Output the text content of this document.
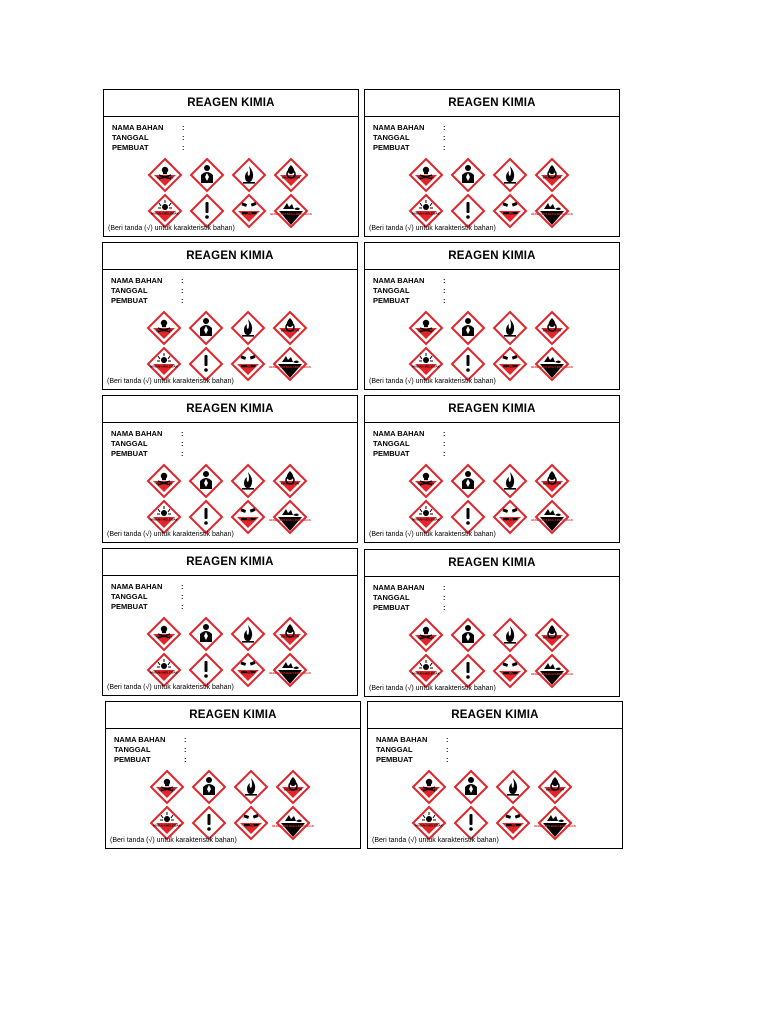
REAGEN KIMIA
NAMA BAHAN	:
TANGGAL	:
PEMBUAT	:
BERACUN	OKSIDATOR
MUDAH MELEDAK	KOROSIF	BERBAHAYA BAGI LINGKUNGAN
(Beri tanda (√) untuk karakteristik bahan)
REAGEN KIMIA
NAMA BAHAN	:
TANGGAL	:
PEMBUAT	:
BERACUN	OKSIDATOR
MUDAH MELEDAK	KOROSIF	BERBAHAYA BAGI LINGKUNGAN
(Beri tanda (√) untuk karakteristik bahan)
REAGEN KIMIA
NAMA BAHAN	:
TANGGAL	:
PEMBUAT	:
BERACUN	OKSIDATOR
MUDAH MELEDAK	KOROSIF	BERBAHAYA BAGI LINGKUNGAN
(Beri tanda (√) untuk karakteristik bahan)
REAGEN KIMIA
NAMA BAHAN	:
TANGGAL	:
PEMBUAT	:
BERACUN	OKSIDATOR
MUDAH MELEDAK	KOROSIF	BERBAHAYA BAGI LINGKUNGAN
(Beri tanda (√) untuk karakteristik bahan)
REAGEN KIMIA
NAMA BAHAN	:
TANGGAL	:
PEMBUAT	:
BERACUN	OKSIDATOR
MUDAH MELEDAK	KOROSIF	BERBAHAYA BAGI LINGKUNGAN
(Beri tanda (√) untuk karakteristik bahan)
REAGEN KIMIA
NAMA BAHAN	:
TANGGAL	:
PEMBUAT	:
BERACUN	OKSIDATOR
MUDAH MELEDAK	KOROSIF	BERBAHAYA BAGI LINGKUNGAN
(Beri tanda (√) untuk karakteristik bahan)
REAGEN KIMIA
NAMA BAHAN	:
TANGGAL	:
PEMBUAT	:
BERACUN	OKSIDATOR
MUDAH MELEDAK	KOROSIF	BERBAHAYA BAGI LINGKUNGAN
(Beri tanda (√) untuk karakteristik bahan)
REAGEN KIMIA
NAMA BAHAN	:
TANGGAL	:
PEMBUAT	:
BERACUN	OKSIDATOR
MUDAH MELEDAK	KOROSIF	BERBAHAYA BAGI LINGKUNGAN
(Beri tanda (√) untuk karakteristik bahan)
REAGEN KIMIA
NAMA BAHAN	:
TANGGAL	:
PEMBUAT	:
BERACUN	OKSIDATOR
MUDAH MELEDAK	KOROSIF	BERBAHAYA BAGI LINGKUNGAN
(Beri tanda (√) untuk karakteristik bahan)
REAGEN KIMIA
NAMA BAHAN	:
TANGGAL	:
PEMBUAT	:
BERACUN	OKSIDATOR
MUDAH MELEDAK	KOROSIF	BERBAHAYA BAGI LINGKUNGAN
(Beri tanda (√) untuk karakteristik bahan)
